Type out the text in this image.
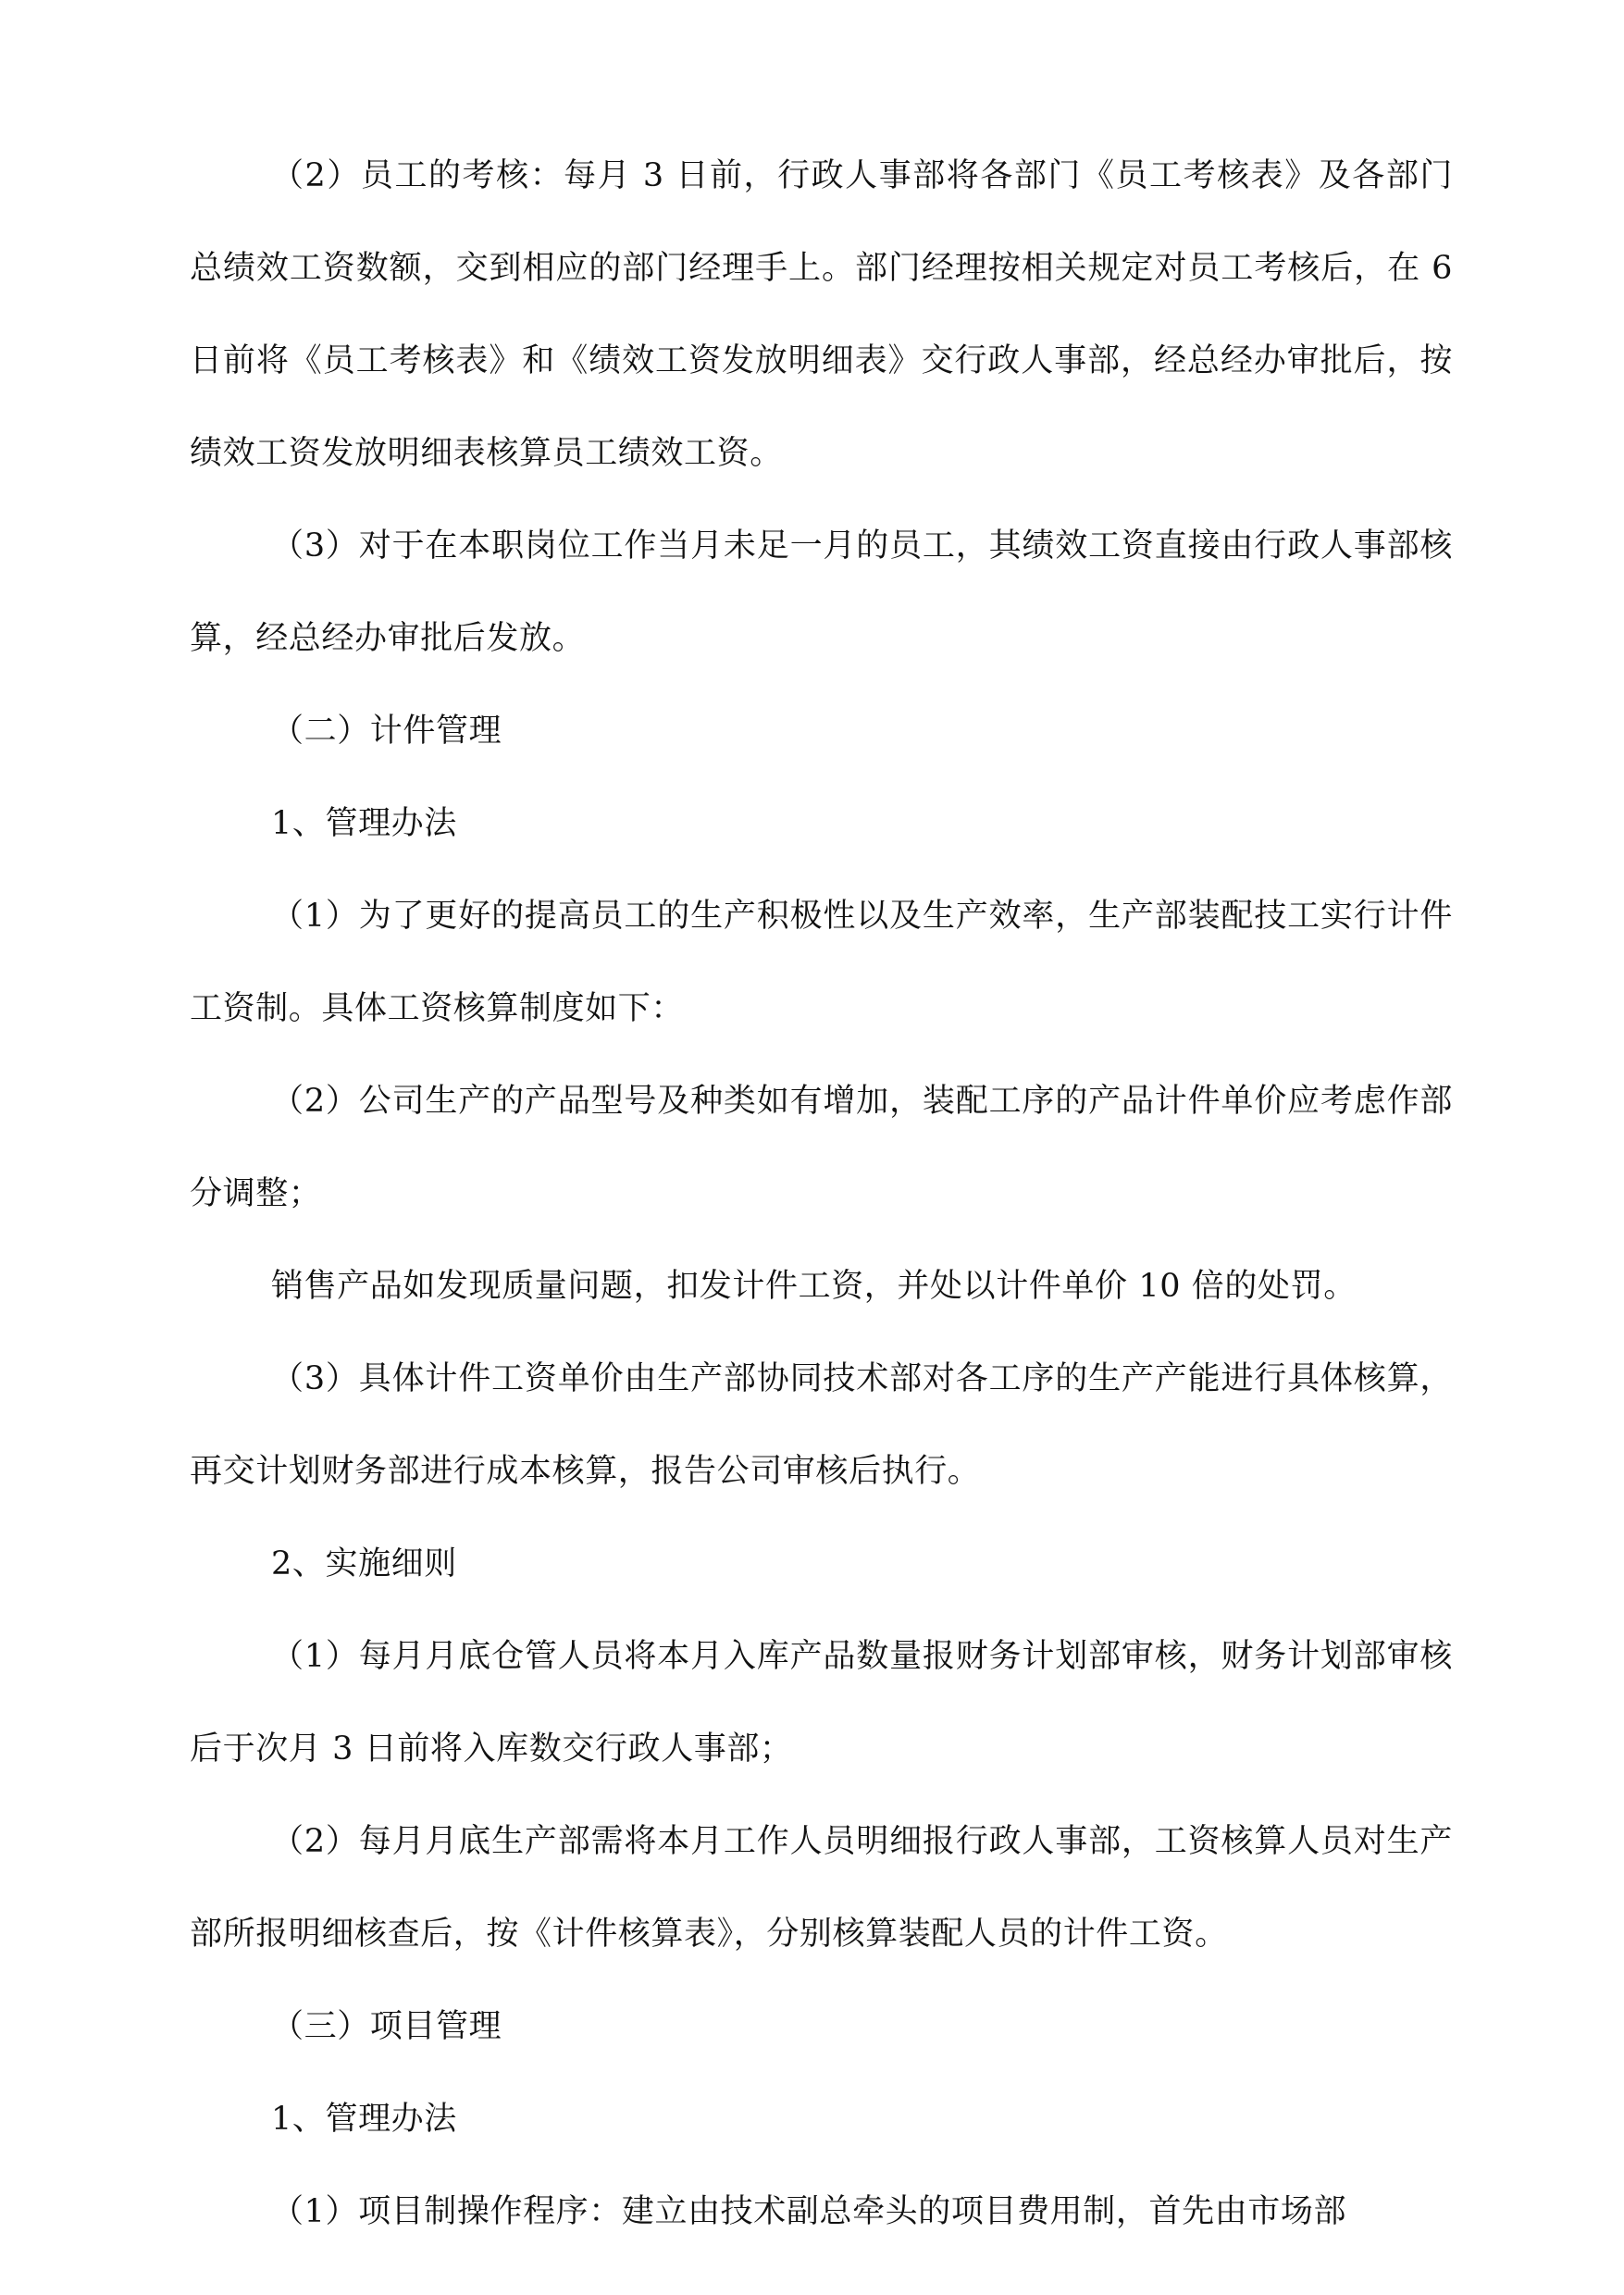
（2）员工的考核：每月 3 日前，行政人事部将各部门《员工考核表》及各部门总绩效工资数额，交到相应的部门经理手上。部门经理按相关规定对员工考核后，在 6 日前将《员工考核表》和《绩效工资发放明细表》交行政人事部，经总经办审批后，按绩效工资发放明细表核算员工绩效工资。

（3）对于在本职岗位工作当月未足一月的员工，其绩效工资直接由行政人事部核算，经总经办审批后发放。

（二）计件管理

1、管理办法

（1）为了更好的提高员工的生产积极性以及生产效率，生产部装配技工实行计件工资制。具体工资核算制度如下：

（2）公司生产的产品型号及种类如有增加，装配工序的产品计件单价应考虑作部分调整；

销售产品如发现质量问题，扣发计件工资，并处以计件单价 10 倍的处罚。

（3）具体计件工资单价由生产部协同技术部对各工序的生产产能进行具体核算，再交计划财务部进行成本核算，报告公司审核后执行。

2、实施细则

（1）每月月底仓管人员将本月入库产品数量报财务计划部审核，财务计划部审核后于次月 3 日前将入库数交行政人事部；

（2）每月月底生产部需将本月工作人员明细报行政人事部，工资核算人员对生产部所报明细核查后，按《计件核算表》，分别核算装配人员的计件工资。

（三）项目管理

1、管理办法

（1）项目制操作程序：建立由技术副总牵头的项目费用制，首先由市场部
